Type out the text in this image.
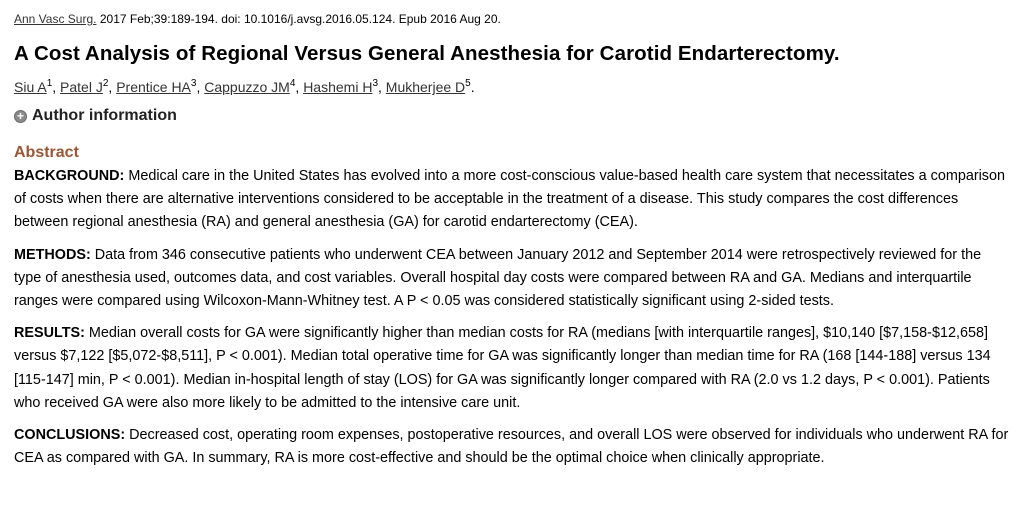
Ann Vasc Surg. 2017 Feb;39:189-194. doi: 10.1016/j.avsg.2016.05.124. Epub 2016 Aug 20.
A Cost Analysis of Regional Versus General Anesthesia for Carotid Endarterectomy.
Siu $A^1$, Patel $J^2$, Prentice $HA^3$, Cappuzzo $JM^4$, Hashemi $H^3$, Mukherjee $D^5$.
+ Author information
Abstract

BACKGROUND: Medical care in the United States has evolved into a more cost-conscious value-based health care system that necessitates a comparison of costs when there are alternative interventions considered to be acceptable in the treatment of a disease. This study compares the cost differences between regional anesthesia (RA) and general anesthesia (GA) for carotid endarterectomy (CEA).

METHODS: Data from 346 consecutive patients who underwent CEA between January 2012 and September 2014 were retrospectively reviewed for the type of anesthesia used, outcomes data, and cost variables. Overall hospital day costs were compared between RA and GA. Medians and interquartile ranges were compared using Wilcoxon-Mann-Whitney test. A P < 0.05 was considered statistically significant using 2-sided tests.

RESULTS: Median overall costs for GA were significantly higher than median costs for RA (medians [with interquartile ranges], $10,140 [$7,158-$12,658] versus $7,122 [$5,072-$8,511], P < 0.001). Median total operative time for GA was significantly longer than median time for RA (168 [144-188] versus 134 [115-147] min, P < 0.001). Median in-hospital length of stay (LOS) for GA was significantly longer compared with RA (2.0 vs 1.2 days, P < 0.001). Patients who received GA were also more likely to be admitted to the intensive care unit.

CONCLUSIONS: Decreased cost, operating room expenses, postoperative resources, and overall LOS were observed for individuals who underwent RA for CEA as compared with GA. In summary, RA is more cost-effective and should be the optimal choice when clinically appropriate.
